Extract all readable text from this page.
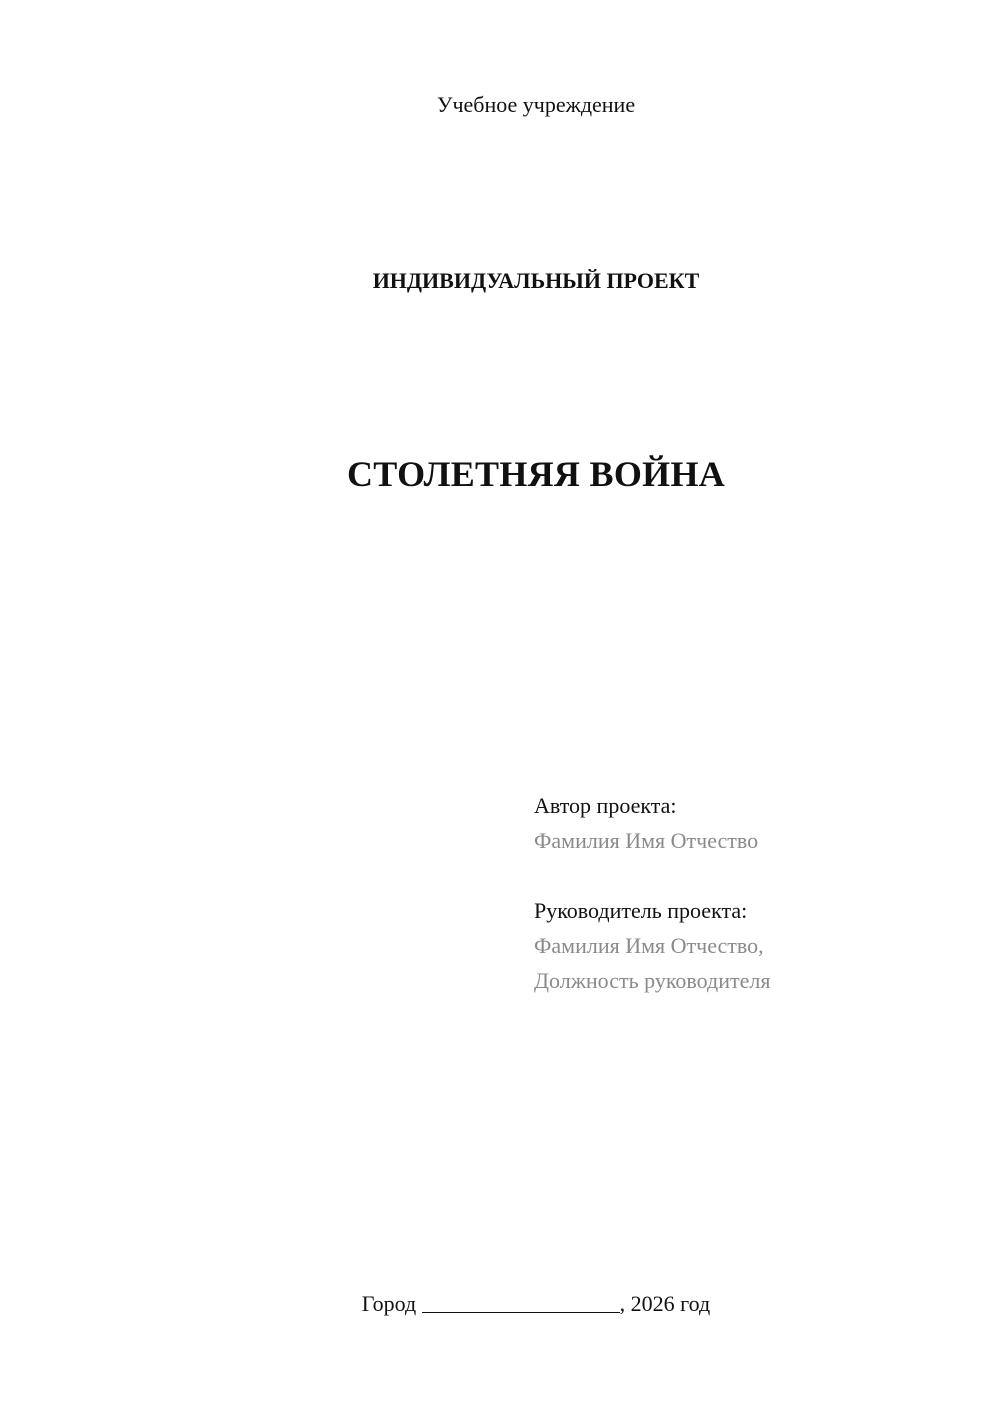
Учебное учреждение
ИНДИВИДУАЛЬНЫЙ ПРОЕКТ
СТОЛЕТНЯЯ ВОЙНА
Автор проекта:
Фамилия Имя Отчество
Руководитель проекта:
Фамилия Имя Отчество,
Должность руководителя
Город	, 2026 год
